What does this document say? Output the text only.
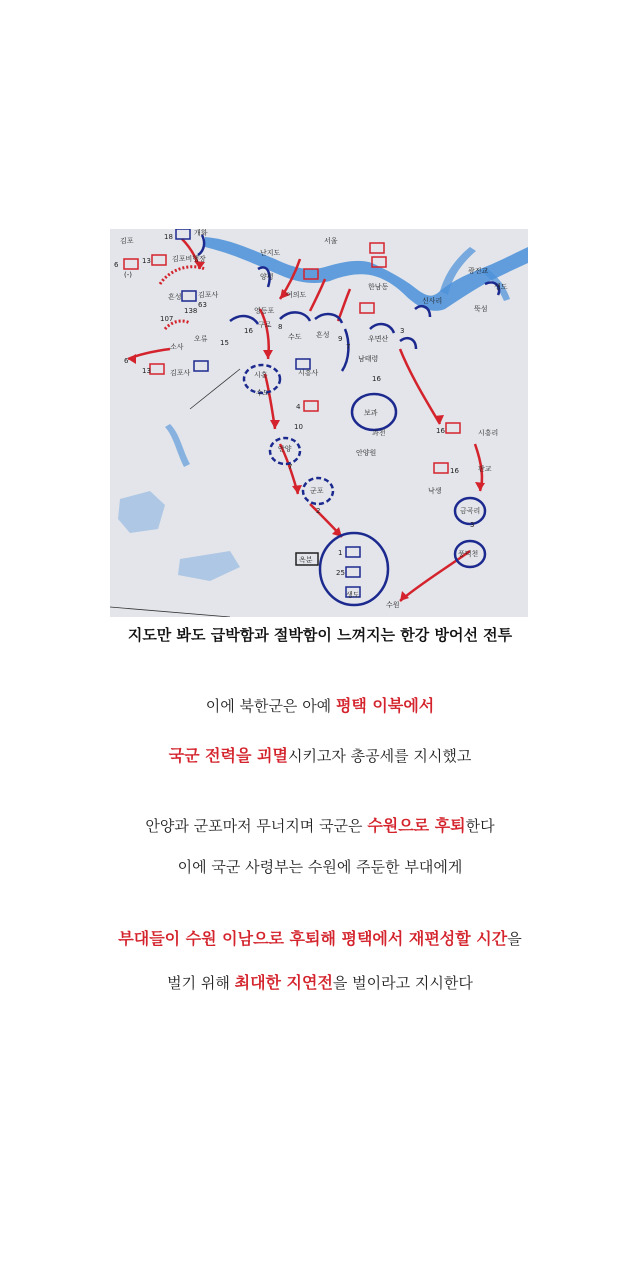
개화
김포
김포비행장
난지도
서울
광진교
한남동
양평
여의도
영등포
신사리
뚝섬
구로
흔성 김포사
오류
소사
수도 흔성	우면산
남태령
시흥사
시흥
수도
김포사
보과
과천
안양원
안양
시흥리
판교
낙생
군포
금곡리
풍덕천
옥분
생도
생도
수원
18
6	13
107
63
138
15
16	8
9
7
3
16
7
2
1
25
4
10	16
16
3
(-)
13
6
지도만 봐도 급박함과 절박함이 느껴지는 한강 방어선 전투
이에 북한군은 아예 평택 이북에서
국군 전력을 괴멸시키고자 총공세를 지시했고
안양과 군포마저 무너지며 국군은 수원으로 후퇴한다
이에 국군 사령부는 수원에 주둔한 부대에게
부대들이 수원 이남으로 후퇴해 평택에서 재편성할 시간을
벌기 위해 최대한 지연전을 벌이라고 지시한다
